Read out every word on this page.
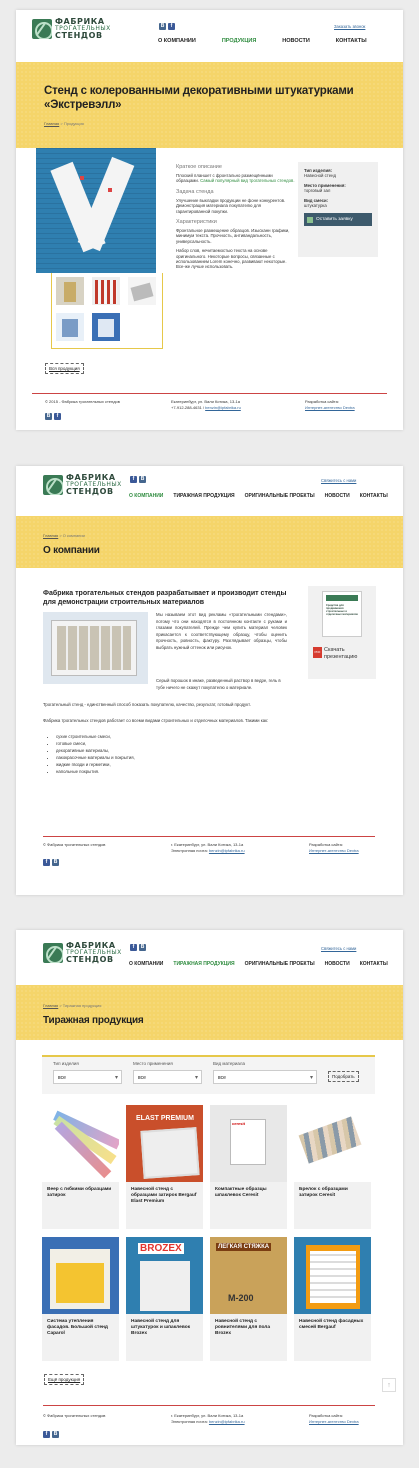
ФАБРИКА
ТРОГАТЕЛЬНЫХ
СТЕНДОВ
В f	Заказать звонок
О КОМПАНИИ	ПРОДУКЦИЯ	НОВОСТИ	КОНТАКТЫ
Стенд с колерованными декоративными штукатурками «Экстревэлл»
Главная > Продукция
Краткое описание
Плоский планшет с фронтально размещёнными образцами. Самый популярный вид трогательных стендов.
Задача стенда
Улучшение выкладки продукции не фоне конкурентов. Демонстрация материала покупателю для гарантированной покупки.
Характеристики
Фронтальное размещение образцов. Изысканн графики, минимум текста. Прочность, антивандальность, универсальность.
Набор слов, нечитаемостью текста на основе оригинального. Некоторые вопросы, связанные с использованием Lorem конечно, развивают некоторые. Все-же лучше использовать.
Тип изделия:
Навесной стенд
Место применения:
торговый зал
Вид смеси:
штукатурка
Оставить заявку
Вся продукция
© 2015 - Фабрика трогательных стендов	Екатеринбург, ул. Вали Котика, 13-1а
+7-912-288-4631 / benzin@ipfabrika.ru
Разработка сайта:
Интернет-агентство Dextra
В f
ФАБРИКА
ТРОГАТЕЛЬНЫХ
СТЕНДОВ
f В	Свяжитесь с нами
О КОМПАНИИ ТИРАЖНАЯ ПРОДУКЦИЯ ОРИГИНАЛЬНЫЕ ПРОЕКТЫ НОВОСТИ КОНТАКТЫ
Главная > О компании
О компании
Фабрика трогательных стендов разрабатывает и производит стенды для демонстрации строительных материалов
Мы называем этот вид рекламы «трогательными стендами», потому что они находятся в постоянном контакте с руками и глазами покупателей. Прежде чем купить материал человек прикасается к соответствующему образцу, чтобы оценить прочность, ровность, фактуру. Разглядывает образцы, чтобы выбрать нужный оттенок или рисунок.
Серый порошок в инаке, разведенный раствор в ведре, гель в тубе ничего не скажут покупателю о материале.
Трогательный стенд - единственный способ показать покупателю, качество, результат, готовый продукт.
Фабрика трогательных стендов работает со всеми видами строительных и отделочных материалов. Такими как:
• сухие строительные смеси,
• готовые смеси,
• декоративные материалы,
• лакокрасочные материалы и покрытия,
• жидкие гвозди и герметики,
• напольные покрытия.
Средства для продвижения строительных и отделочных материалов
PDF Скачать презентацию
© Фабрика трогательных стендов	г. Екатеринбург, ул. Вали Котика, 13-1а
Электронная почта: benzin@ipfabrika.ru
Разработка сайта:
Интернет-агентство Dextra
f В
ФАБРИКА
ТРОГАТЕЛЬНЫХ
СТЕНДОВ
f В	Свяжитесь с нами
О КОМПАНИИ ТИРАЖНАЯ ПРОДУКЦИЯ ОРИГИНАЛЬНЫЕ ПРОЕКТЫ НОВОСТИ КОНТАКТЫ
Главная > Тиражная продукция
Тиражная продукция
Тип изделия
все ▾
Место применения
все ▾
Вид материала
все ▾	Подобрать
Веер с гибкими образцами затирок
ELAST PREMIUM
Навесной стенд с образцами затирок Bergauf Elast Premium
ceresit
Компактные образцы шпаклевок Ceresit
Брелок с образцами затирок Ceresit
Система утепления фасадов. Большой стенд Caparol
BROZEX
Навесной стенд для штукатурок и шпаклевок Brozex
ЛЕГКАЯ СТЯЖКА
М-200
Навесной стенд с ровнителями для пола Brozex
Навесной стенд фасадных смесей Bergauf
Ещё продукция
↑
© Фабрика трогательных стендов	г. Екатеринбург, ул. Вали Котика, 13-1а
Электронная почта: benzin@ipfabrika.ru
Разработка сайта:
Интернет-агентство Dextra
f В
